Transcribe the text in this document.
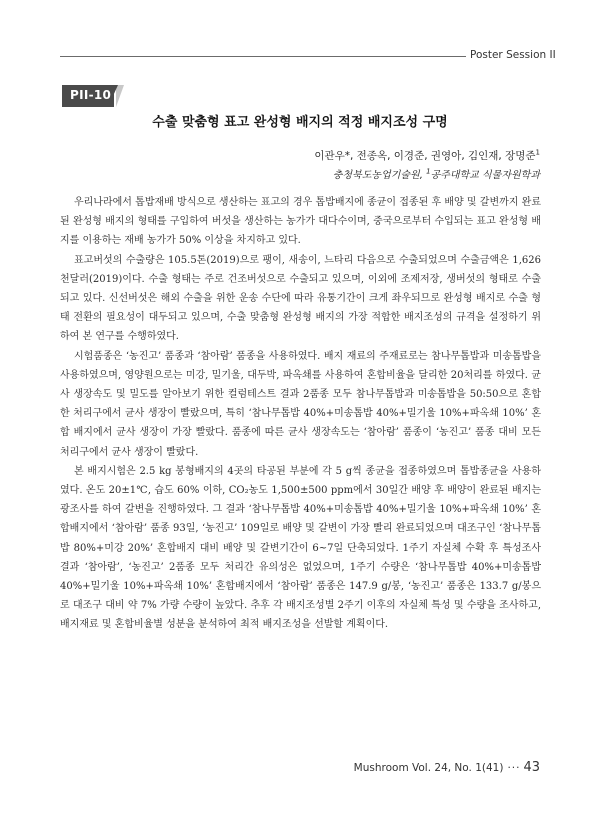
Poster Session II
PII-10
수출 맞춤형 표고 완성형 배지의 적정 배지조성 구명
이관우*, 전종옥, 이경준, 권영아, 김인재, 장명준$^1$
충청북도농업기술원, $^1$공주대학교 식물자원학과

우리나라에서 톱밥재배 방식으로 생산하는 표고의 경우 톱밥배지에 종균이 접종된 후 배양 및 갈변까지 완료된 완성형 배지의 형태를 구입하여 버섯을 생산하는 농가가 대다수이며, 중국으로부터 수입되는 표고 완성형 배지를 이용하는 재배 농가가 50% 이상을 차지하고 있다.

표고버섯의 수출량은 105.5톤(2019)으로 팽이, 새송이, 느타리 다음으로 수출되었으며 수출금액은 1,626천달러(2019)이다. 수출 형태는 주로 건조버섯으로 수출되고 있으며, 이외에 조제저장, 생버섯의 형태로 수출되고 있다. 신선버섯은 해외 수출을 위한 운송 수단에 따라 유통기간이 크게 좌우되므로 완성형 배지로 수출 형태 전환의 필요성이 대두되고 있으며, 수출 맞춤형 완성형 배지의 가장 적합한 배지조성의 규격을 설정하기 위하여 본 연구를 수행하였다.

시험품종은 ‘농진고’ 품종과 ‘참아람’ 품종을 사용하였다. 배지 재료의 주재료로는 참나무톱밥과 미송톱밥을 사용하였으며, 영양원으로는 미강, 밀기울, 대두박, 파옥쇄를 사용하여 혼합비율을 달리한 20처리를 하였다. 균사 생장속도 및 밀도를 알아보기 위한 컬럼테스트 결과 2품종 모두 참나무톱밥과 미송톱밥을 50:50으로 혼합한 처리구에서 균사 생장이 빨랐으며, 특히 ‘참나무톱밥 40%+미송톱밥 40%+밀기울 10%+파옥쇄 10%’ 혼합 배지에서 균사 생장이 가장 빨랐다. 품종에 따른 균사 생장속도는 ‘참아람’ 품종이 ‘농진고’ 품종 대비 모든 처리구에서 균사 생장이 빨랐다.

본 배지시험은 2.5 kg 봉형배지의 4곳의 타공된 부분에 각 5 g씩 종균을 접종하였으며 톱밥종균을 사용하였다. 온도 20±1℃, 습도 60% 이하, CO₂농도 1,500±500 ppm에서 30일간 배양 후 배양이 완료된 배지는 광조사를 하여 갈변을 진행하였다. 그 결과 ‘참나무톱밥 40%+미송톱밥 40%+밀기울 10%+파옥쇄 10%’ 혼합배지에서 ‘참아람’ 품종 93일, ‘농진고’ 109일로 배양 및 갈변이 가장 빨리 완료되었으며 대조구인 ‘참나무톱밥 80%+미강 20%’ 혼합배지 대비 배양 및 갈변기간이 6~7일 단축되었다. 1주기 자실체 수확 후 특성조사 결과 ‘참아람’, ‘농진고’ 2품종 모두 처리간 유의성은 없었으며, 1주기 수량은 ‘참나무톱밥 40%+미송톱밥 40%+밀기울 10%+파옥쇄 10%’ 혼합배지에서 ‘참아람’ 품종은 147.9 g/봉, ‘농진고’ 품종은 133.7 g/봉으로 대조구 대비 약 7% 가량 수량이 높았다. 추후 각 배지조성별 2주기 이후의 자실체 특성 및 수량을 조사하고, 배지재료 및 혼합비율별 성분을 분석하여 최적 배지조성을 선발할 계획이다.

Mushroom Vol. 24, No. 1(41) ··· 43
